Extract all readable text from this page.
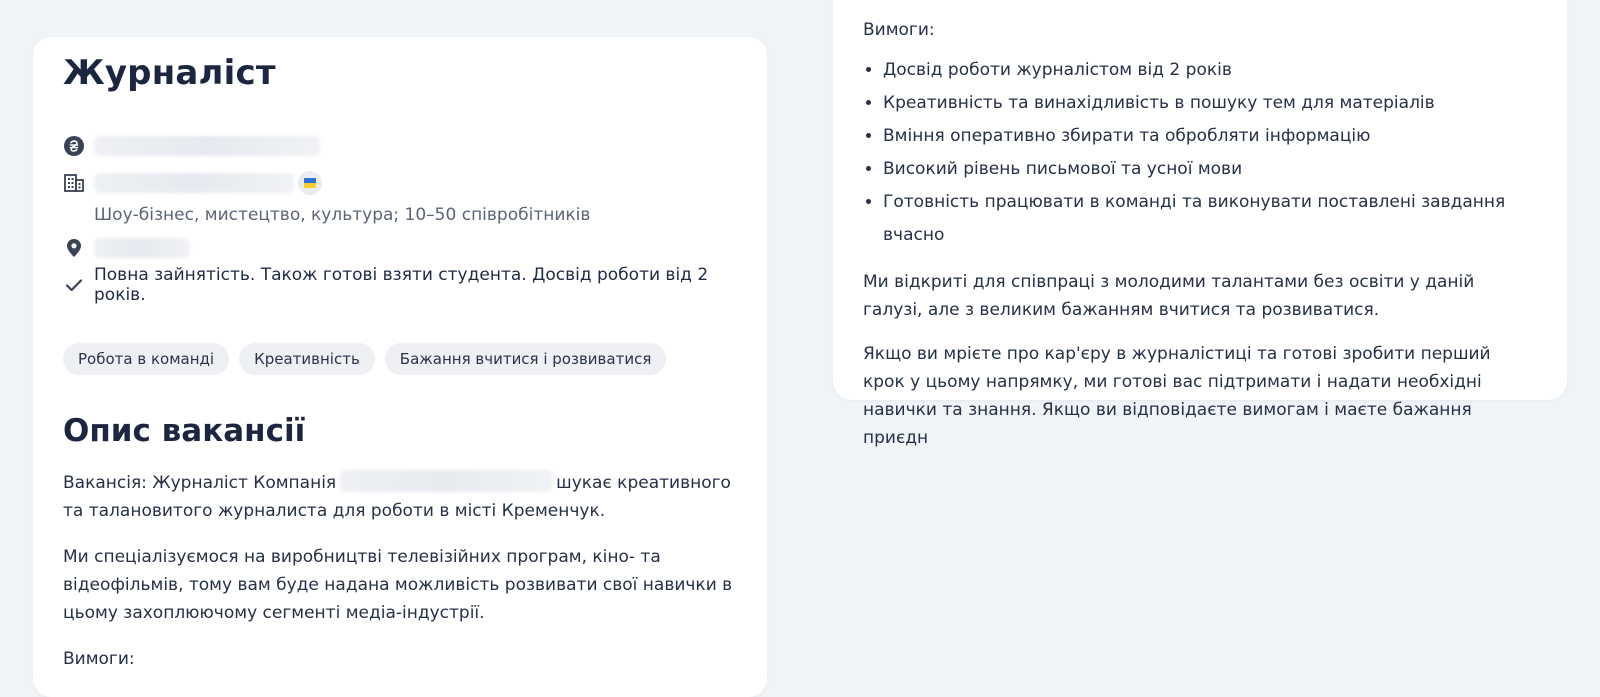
Журналіст
Шоу-бізнес, мистецтво, культура; 10–50 співробітників
Повна зайнятість. Також готові взяти студента. Досвід роботи від 2 років.
Робота в команді	Креативність	Бажання вчитися і розвиватися
Опис вакансії

Вакансія: Журналіст Компанія	шукає креативного та талановитого журналиста для роботи в місті Кременчук.

Ми спеціалізуємося на виробництві телевізійних програм, кіно- та відеофільмів, тому вам буде надана можливість розвивати свої навички в цьому захоплюючому сегменті медіа-індустрії.

Вимоги:

Вимоги:

• Досвід роботи журналістом від 2 років
• Креативність та винахідливість в пошуку тем для матеріалів
• Вміння оперативно збирати та обробляти інформацію
• Високий рівень письмової та усної мови
• Готовність працювати в команді та виконувати поставлені завдання вчасно

Ми відкриті для співпраці з молодими талантами без освіти у даній галузі, але з великим бажанням вчитися та розвиватися.

Якщо ви мрієте про кар'єру в журналістиці та готові зробити перший крок у цьому напрямку, ми готові вас підтримати і надати необхідні навички та знання. Якщо ви відповідаєте вимогам і маєте бажання приєдн
